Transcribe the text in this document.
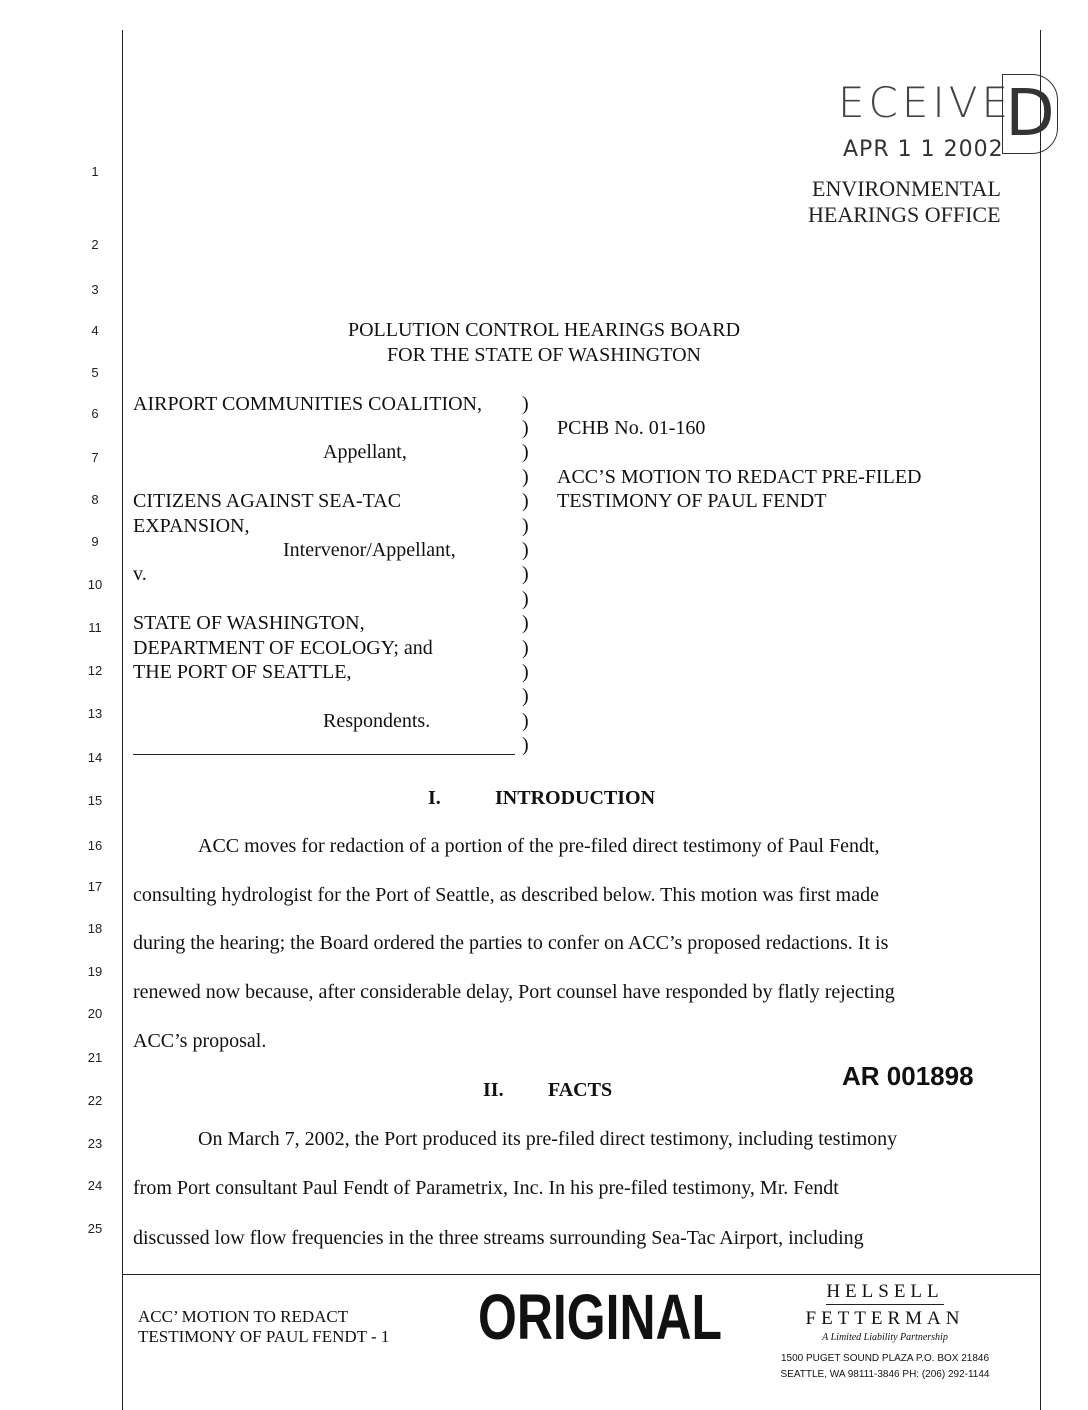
ECEIVE
D
APR 1 1 2002
ENVIRONMENTAL
HEARINGS OFFICE
1
2
3
4
5
6
7
8
9
10
11
12
13
14
15
16
17
18
19
20
21
22
23
24
25
POLLUTION CONTROL HEARINGS BOARD
FOR THE STATE OF WASHINGTON
AIRPORT COMMUNITIES COALITION,
Appellant,
CITIZENS AGAINST SEA-TAC
EXPANSION,
Intervenor/Appellant,
v.
STATE OF WASHINGTON,
DEPARTMENT OF ECOLOGY; and
THE PORT OF SEATTLE,
Respondents.
)
)
)
)
)
)
)
)
)
)
)
)
)
)
)
PCHB No. 01-160
ACC’S MOTION TO REDACT PRE-FILED
TESTIMONY OF PAUL FENDT
I.	INTRODUCTION
ACC moves for redaction of a portion of the pre-filed direct testimony of Paul Fendt,
consulting hydrologist for the Port of Seattle, as described below. This motion was first made
during the hearing; the Board ordered the parties to confer on ACC’s proposed redactions. It is
renewed now because, after considerable delay, Port counsel have responded by flatly rejecting
ACC’s proposal.
AR 001898
II. FACTS
On March 7, 2002, the Port produced its pre-filed direct testimony, including testimony
from Port consultant Paul Fendt of Parametrix, Inc. In his pre-filed testimony, Mr. Fendt
discussed low flow frequencies in the three streams surrounding Sea-Tac Airport, including
ACC’ MOTION TO REDACT
TESTIMONY OF PAUL FENDT - 1 ORIGINAL	HELSELL
FETTERMAN
A Limited Liability Partnership
1500 PUGET SOUND PLAZA P.O. BOX 21846
SEATTLE, WA 98111-3846 PH: (206) 292-1144
